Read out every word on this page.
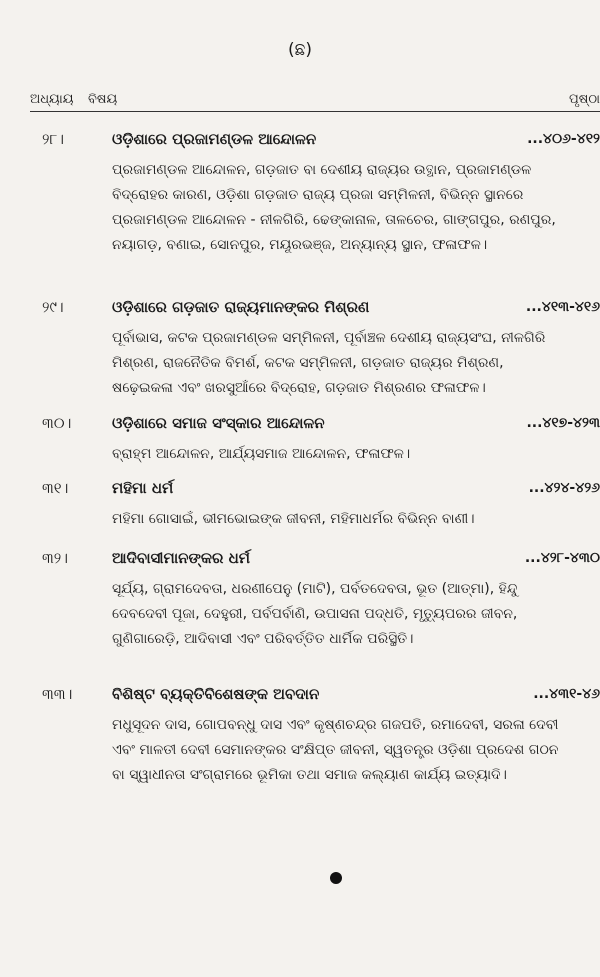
(ଛ)
ଅଧ୍ୟାୟ ବିଷୟ	ପୃଷ୍ଠା
୨୮।	ଓଡ଼ିଶାରେ ପ୍ରଜାମଣ୍ଡଳ ଆନ୍ଦୋଳନ	...୪୦୬-୪୧୨

ପ୍ରଜାମଣ୍ଡଳ ଆନ୍ଦୋଳନ, ଗଡ଼ଜାତ ବା ଦେଶୀୟ ରାଜ୍ୟର ଉତ୍ଥାନ, ପ୍ରଜାମଣ୍ଡଳ ବିଦ୍ରୋହର କାରଣ, ଓଡ଼ିଶା ଗଡ଼ଜାତ ରାଜ୍ୟ ପ୍ରଜା ସମ୍ମିଳନୀ, ବିଭିନ୍ନ ସ୍ଥାନରେ ପ୍ରଜାମଣ୍ଡଳ ଆନ୍ଦୋଳନ - ନୀଳଗିରି, ଢେଙ୍କାନାଳ, ତାଳଚେର, ଗାଙ୍ଗପୁର, ରଣପୁର, ନୟାଗଡ଼, ବଣାଇ, ସୋନପୁର, ମୟୂରଭଞ୍ଜ, ଅନ୍ୟାନ୍ୟ ସ୍ଥାନ, ଫଳାଫଳ।

୨୯।	ଓଡ଼ିଶାରେ ଗଡ଼ଜାତ ରାଜ୍ୟମାନଙ୍କର ମିଶ୍ରଣ	...୪୧୩-୪୧୬

ପୂର୍ବାଭାସ, କଟକ ପ୍ରଜାମଣ୍ଡଳ ସମ୍ମିଳନୀ, ପୂର୍ବାଞ୍ଚଳ ଦେଶୀୟ ରାଜ୍ୟସଂଘ, ନୀଳଗିରି ମିଶ୍ରଣ, ରାଜନୈତିକ ବିମର୍ଶ, କଟକ ସମ୍ମିଳନୀ, ଗଡ଼ଜାତ ରାଜ୍ୟର ମିଶ୍ରଣ, ଷଢ଼େଇକଳା ଏବଂ ଖରସୁଆଁରେ ବିଦ୍ରୋହ, ଗଡ଼ଜାତ ମିଶ୍ରଣର ଫଳାଫଳ।

୩୦।	ଓଡ଼ିଶାରେ ସମାଜ ସଂସ୍କାର ଆନ୍ଦୋଳନ	...୪୧୭-୪୨୩

ବ୍ରାହ୍ମ ଆନ୍ଦୋଳନ, ଆର୍ଯ୍ୟସମାଜ ଆନ୍ଦୋଳନ, ଫଳାଫଳ।

୩୧।	ମହିମା ଧର୍ମ	...୪୨୪-୪୨୬

ମହିମା ଗୋସାଇଁ, ଭୀମଭୋଇଙ୍କ ଜୀବନୀ, ମହିମାଧର୍ମର ବିଭିନ୍ନ ବାଣୀ।

୩୨।	ଆଦିବାସୀମାନଙ୍କର ଧର୍ମ	...୪୨୮-୪୩୦

ସୂର୍ଯ୍ୟ, ଗ୍ରାମଦେବତା, ଧରଣୀପେନୁ (ମାଟି), ପର୍ବତଦେବତା, ଭୂତ (ଆତ୍ମା), ହିନ୍ଦୁ ଦେବଦେବୀ ପୂଜା, ଦେହୁରୀ, ପର୍ବପର୍ବାଣି, ଉପାସନା ପଦ୍ଧତି, ମୃତ୍ୟୁପରର ଜୀବନ, ଗୁଣିଗାରେଡ଼ି, ଆଦିବାସୀ ଏବଂ ପରିବର୍ତ୍ତିତ ଧାର୍ମିକ ପରିସ୍ଥିତି।

୩୩।	ବିଶିଷ୍ଟ ବ୍ୟକ୍ତିବିଶେଷଙ୍କ ଅବଦାନ	...୪୩୧-୪୬

ମଧୁସୂଦନ ଦାସ, ଗୋପବନ୍ଧୁ ଦାସ ଏବଂ କୃଷ୍ଣଚନ୍ଦ୍ର ଗଜପତି, ରମାଦେବୀ, ସରଳା ଦେବୀ ଏବଂ ମାଳତୀ ଦେବୀ ସେମାନଙ୍କର ସଂକ୍ଷିପ୍ତ ଜୀବନୀ, ସ୍ୱତନ୍ତ୍ର ଓଡ଼ିଶା ପ୍ରଦେଶ ଗଠନ ବା ସ୍ୱାଧୀନତା ସଂଗ୍ରାମରେ ଭୂମିକା ତଥା ସମାଜ କଲ୍ୟାଣ କାର୍ଯ୍ୟ ଇତ୍ୟାଦି।
